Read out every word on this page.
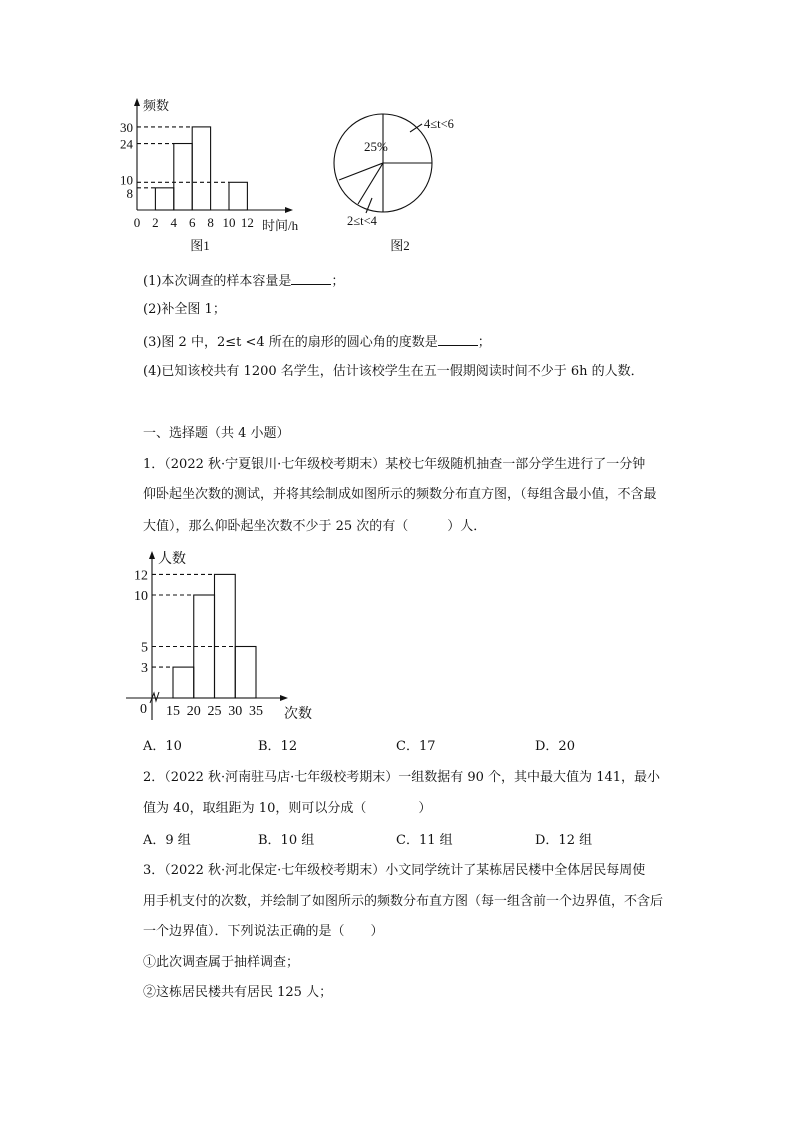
8
10
24
30
0 2 4 6 8 10 12
频数
时间/h
图1
25%
4≤t<6
2≤t<4
图2
3
5
10
12
15 20 25 30 35
人数
次数
0
(1)本次调查的样本容量是	；
(2)补全图 1；
(3)图 2 中，2≤t <4 所在的扇形的圆心角的度数是	；
(4)已知该校共有 1200 名学生，估计该校学生在五一假期阅读时间不少于 6h 的人数．
一、选择题（共 4 小题）
1．（2022 秋·宁夏银川·七年级校考期末）某校七年级随机抽查一部分学生进行了一分钟
仰卧起坐次数的测试，并将其绘制成如图所示的频数分布直方图，（每组含最小值，不含最
大值），那么仰卧起坐次数不少于 25 次的有（　　　）人．
A．10	B．12	C．17	D．20
2．（2022 秋·河南驻马店·七年级校考期末）一组数据有 90 个，其中最大值为 141，最小
值为 40，取组距为 10，则可以分成（　　　　）
A．9 组	B．10 组	C．11 组	D．12 组
3．（2022 秋·河北保定·七年级校考期末）小文同学统计了某栋居民楼中全体居民每周使
用手机支付的次数，并绘制了如图所示的频数分布直方图（每一组含前一个边界值，不含后
一个边界值）．下列说法正确的是（　　）
①此次调查属于抽样调查；
②这栋居民楼共有居民 125 人；
